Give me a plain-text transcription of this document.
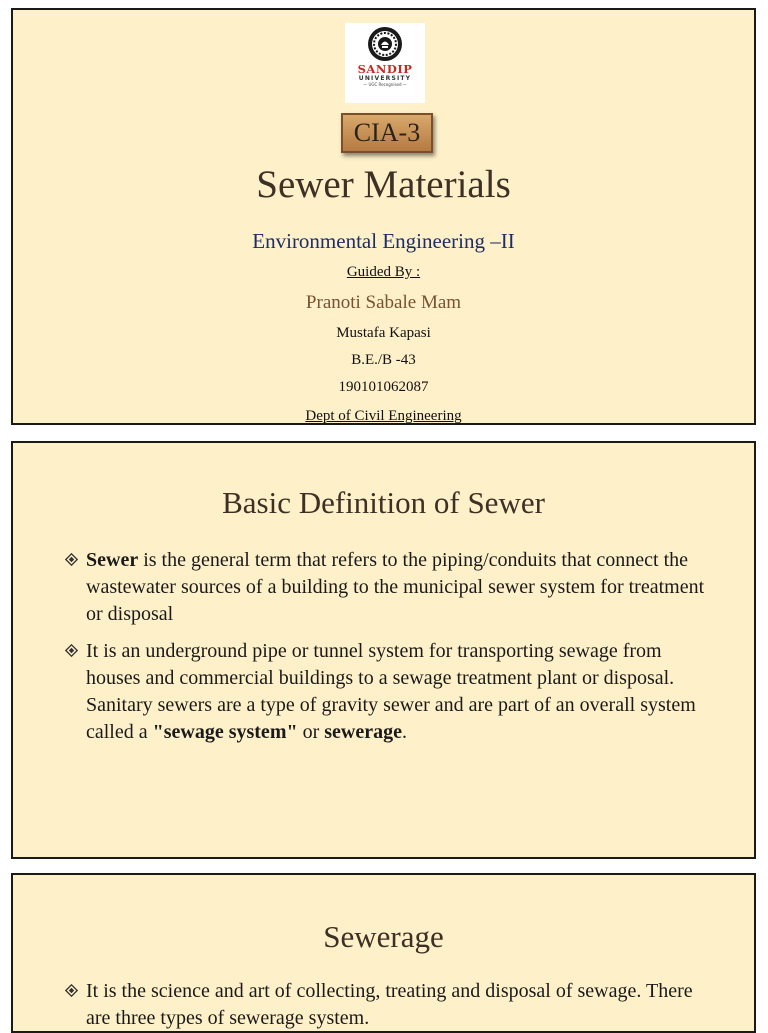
SANDIP
UNIVERSITY
— UGC Recognised —
CIA-3
Sewer Materials
Environmental Engineering –II
Guided By :
Pranoti Sabale Mam
Mustafa Kapasi
B.E./B -43
190101062087
Dept of Civil Engineering
Basic Definition of Sewer
Sewer is the general term that refers to the piping/conduits that connect the wastewater sources of a building to the municipal sewer system for treatment or disposal
It is an underground pipe or tunnel system for transporting sewage from houses and commercial buildings to a sewage treatment plant or disposal. Sanitary sewers are a type of gravity sewer and are part of an overall system called a "sewage system" or sewerage.
Sewerage
It is the science and art of collecting, treating and disposal of sewage. There are three types of sewerage system.
